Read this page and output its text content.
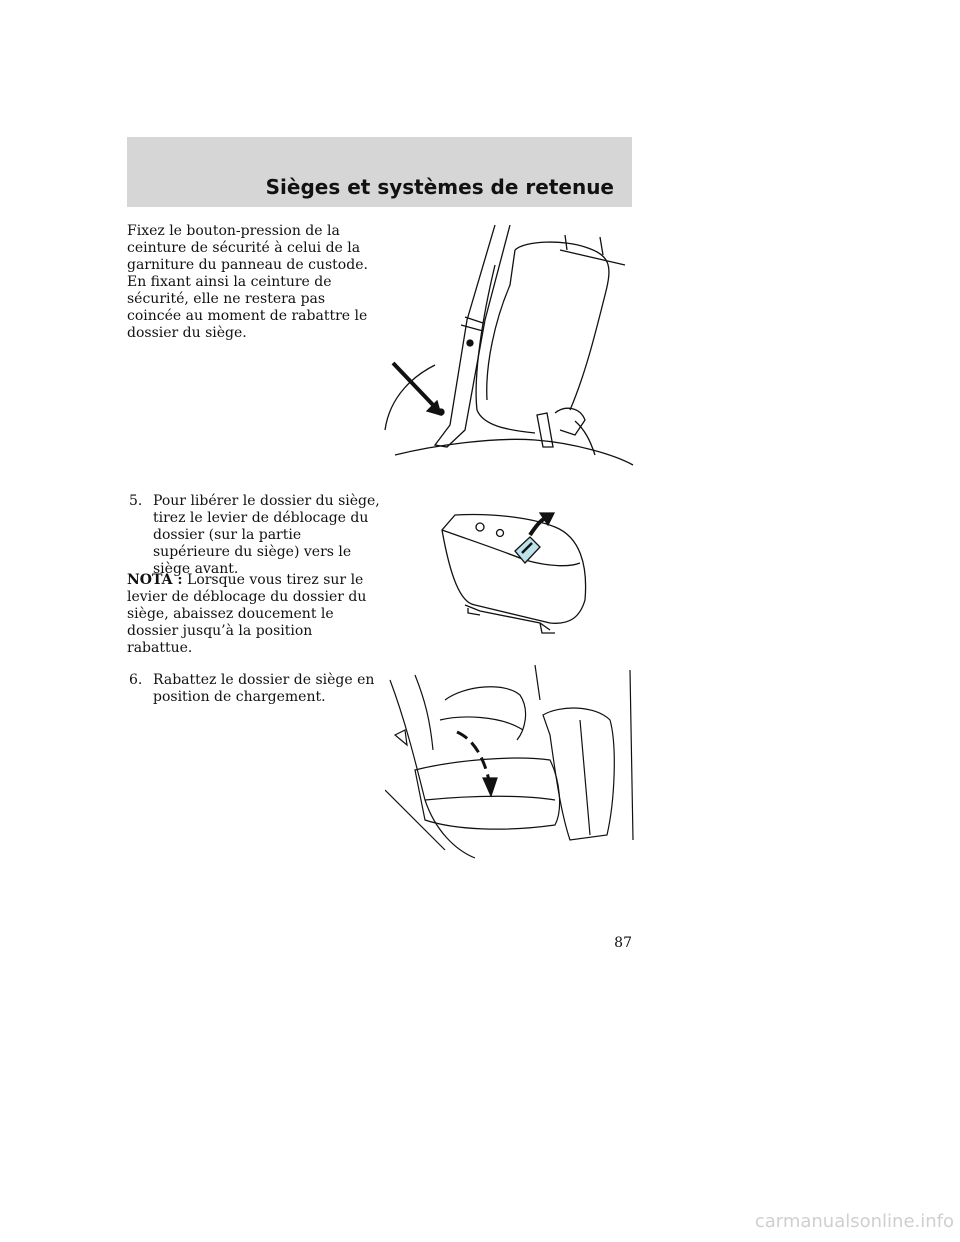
Sièges et systèmes de retenue

Fixez le bouton-pression de la ceinture de sécurité à celui de la garniture du panneau de custode. En fixant ainsi la ceinture de sécurité, elle ne restera pas coincée au moment de rabattre le dossier du siège.

5. Pour libérer le dossier du siège, tirez le levier de déblocage du dossier (sur la partie supérieure du siège) vers le siège avant.

NOTA : Lorsque vous tirez sur le levier de déblocage du dossier du siège, abaissez doucement le dossier jusqu’à la position rabattue.

6. Rabattez le dossier de siège en position de chargement.
87
carmanualsonline.info
